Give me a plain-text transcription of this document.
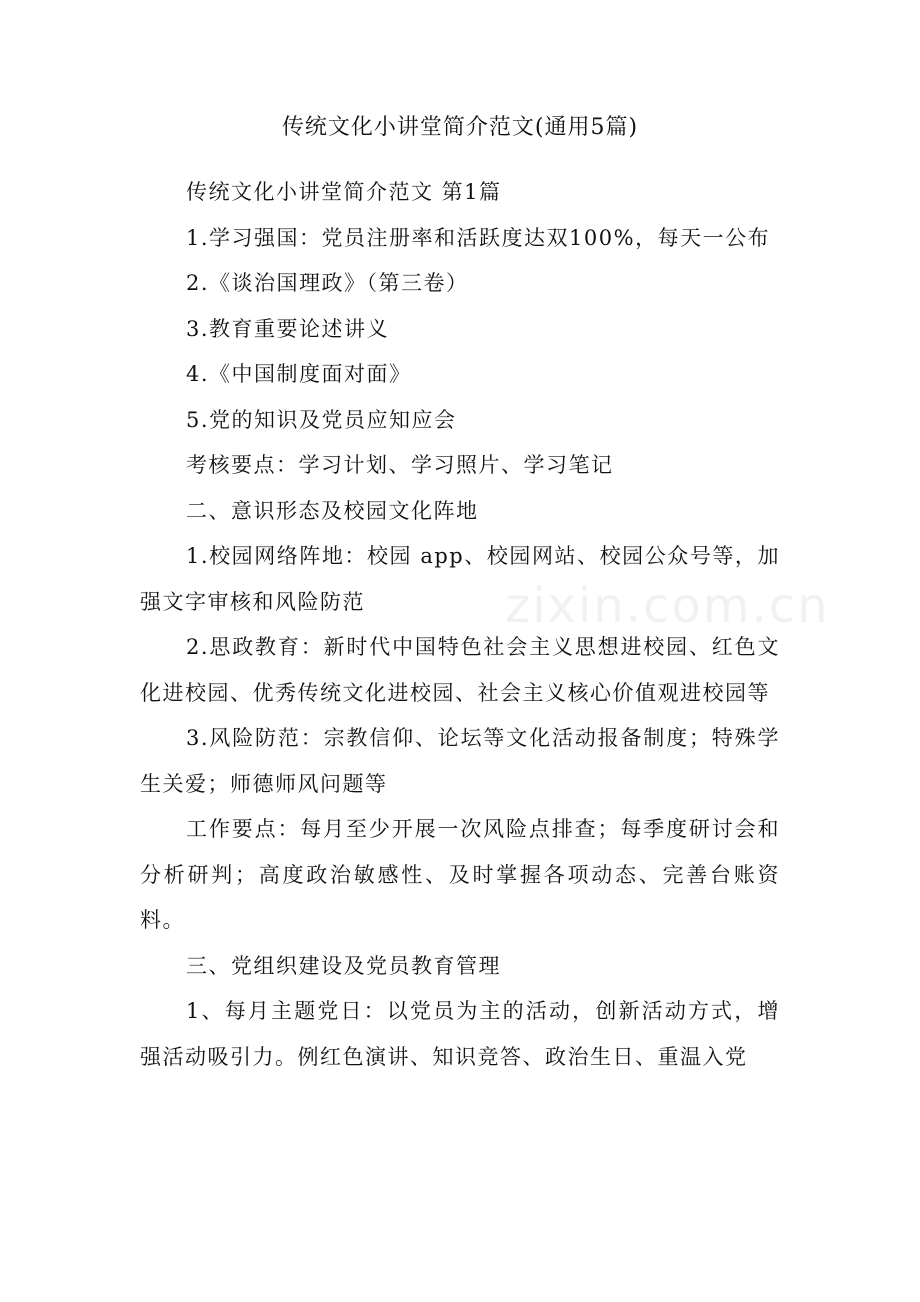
传统文化小讲堂简介范文(通用5篇)

传统文化小讲堂简介范文 第1篇

1.学习强国：党员注册率和活跃度达双100%，每天一公布

2.《谈治国理政》（第三卷）

3.教育重要论述讲义

4.《中国制度面对面》

5.党的知识及党员应知应会

考核要点：学习计划、学习照片、学习笔记

二、意识形态及校园文化阵地

1.校园网络阵地：校园 app、校园网站、校园公众号等，加强文字审核和风险防范

2.思政教育：新时代中国特色社会主义思想进校园、红色文化进校园、优秀传统文化进校园、社会主义核心价值观进校园等

3.风险防范：宗教信仰、论坛等文化活动报备制度；特殊学生关爱；师德师风问题等

工作要点：每月至少开展一次风险点排查；每季度研讨会和分析研判；高度政治敏感性、及时掌握各项动态、完善台账资料。

三、党组织建设及党员教育管理

1、每月主题党日：以党员为主的活动，创新活动方式，增强活动吸引力。例红色演讲、知识竞答、政治生日、重温入党

zixin.com.cn
